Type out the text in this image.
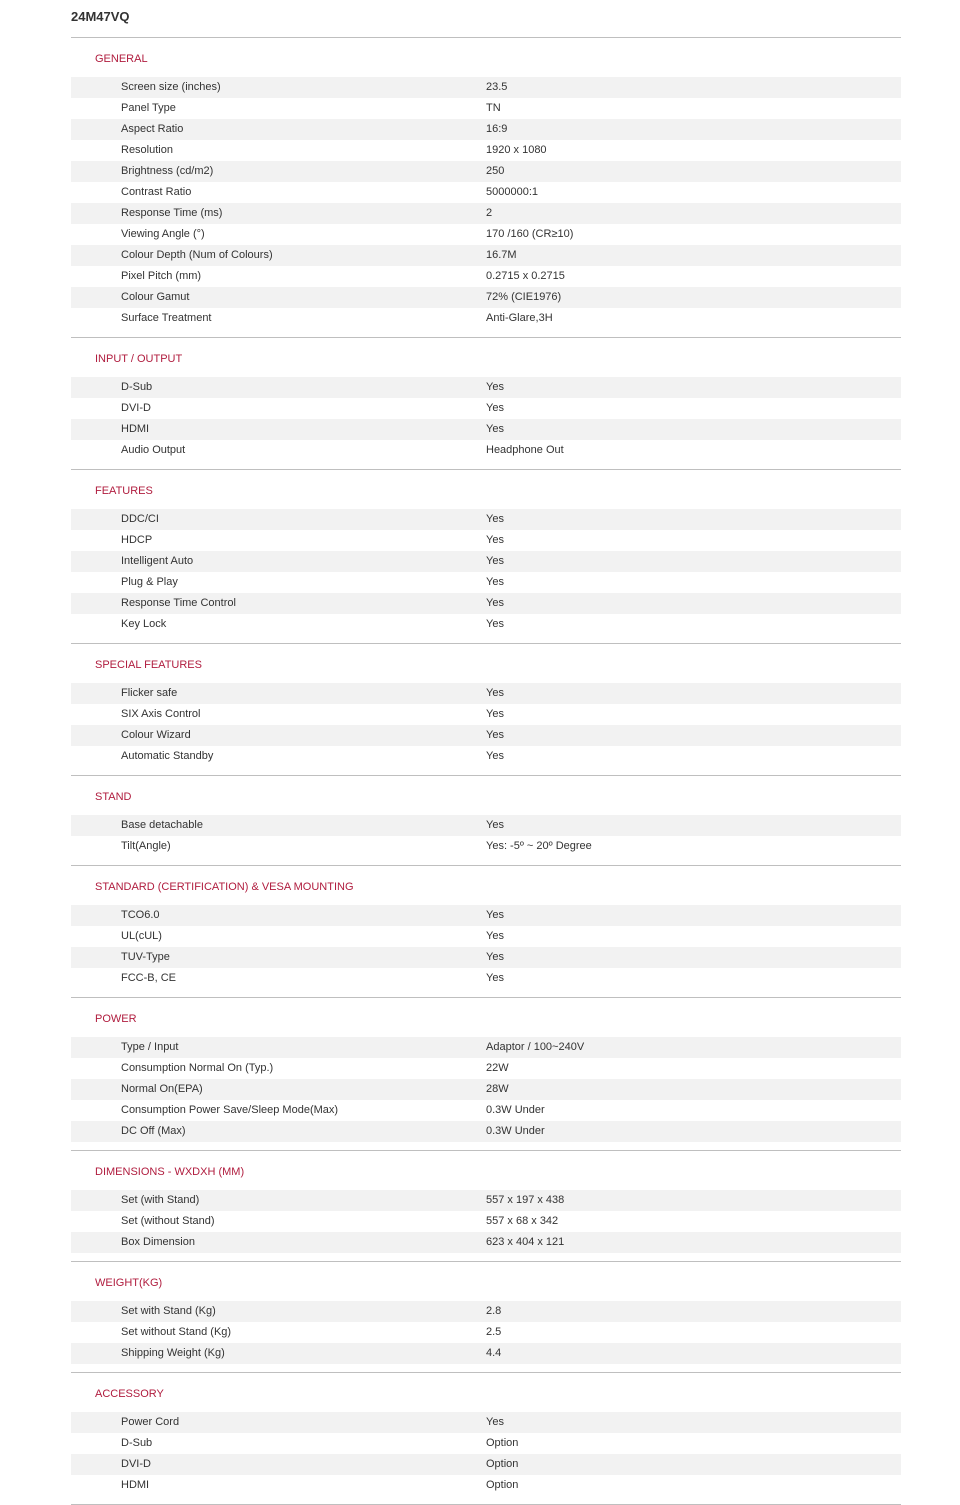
24M47VQ
GENERAL
Screen size (inches)	23.5
Panel Type	TN
Aspect Ratio	16:9
Resolution	1920 x 1080
Brightness (cd/m2)	250
Contrast Ratio	5000000:1
Response Time (ms)	2
Viewing Angle (°)	170 /160 (CR≥10)
Colour Depth (Num of Colours)	16.7M
Pixel Pitch (mm)	0.2715 x 0.2715
Colour Gamut	72% (CIE1976)
Surface Treatment	Anti-Glare,3H
INPUT / OUTPUT
D-Sub	Yes
DVI-D	Yes
HDMI	Yes
Audio Output	Headphone Out
FEATURES
DDC/CI	Yes
HDCP	Yes
Intelligent Auto	Yes
Plug & Play	Yes
Response Time Control	Yes
Key Lock	Yes
SPECIAL FEATURES
Flicker safe	Yes
SIX Axis Control	Yes
Colour Wizard	Yes
Automatic Standby	Yes
STAND
Base detachable	Yes
Tilt(Angle)	Yes: -5º ~ 20º Degree
STANDARD (CERTIFICATION) & VESA MOUNTING
TCO6.0	Yes
UL(cUL)	Yes
TUV-Type	Yes
FCC-B, CE	Yes
POWER
Type / Input	Adaptor / 100~240V
Consumption Normal On (Typ.)	22W
Normal On(EPA)	28W
Consumption Power Save/Sleep Mode(Max)	0.3W Under
DC Off (Max)	0.3W Under
DIMENSIONS - WXDXH (MM)
Set (with Stand)	557 x 197 x 438
Set (without Stand)	557 x 68 x 342
Box Dimension	623 x 404 x 121
WEIGHT(KG)
Set with Stand (Kg)	2.8
Set without Stand (Kg)	2.5
Shipping Weight (Kg)	4.4
ACCESSORY
Power Cord	Yes
D-Sub	Option
DVI-D	Option
HDMI	Option
